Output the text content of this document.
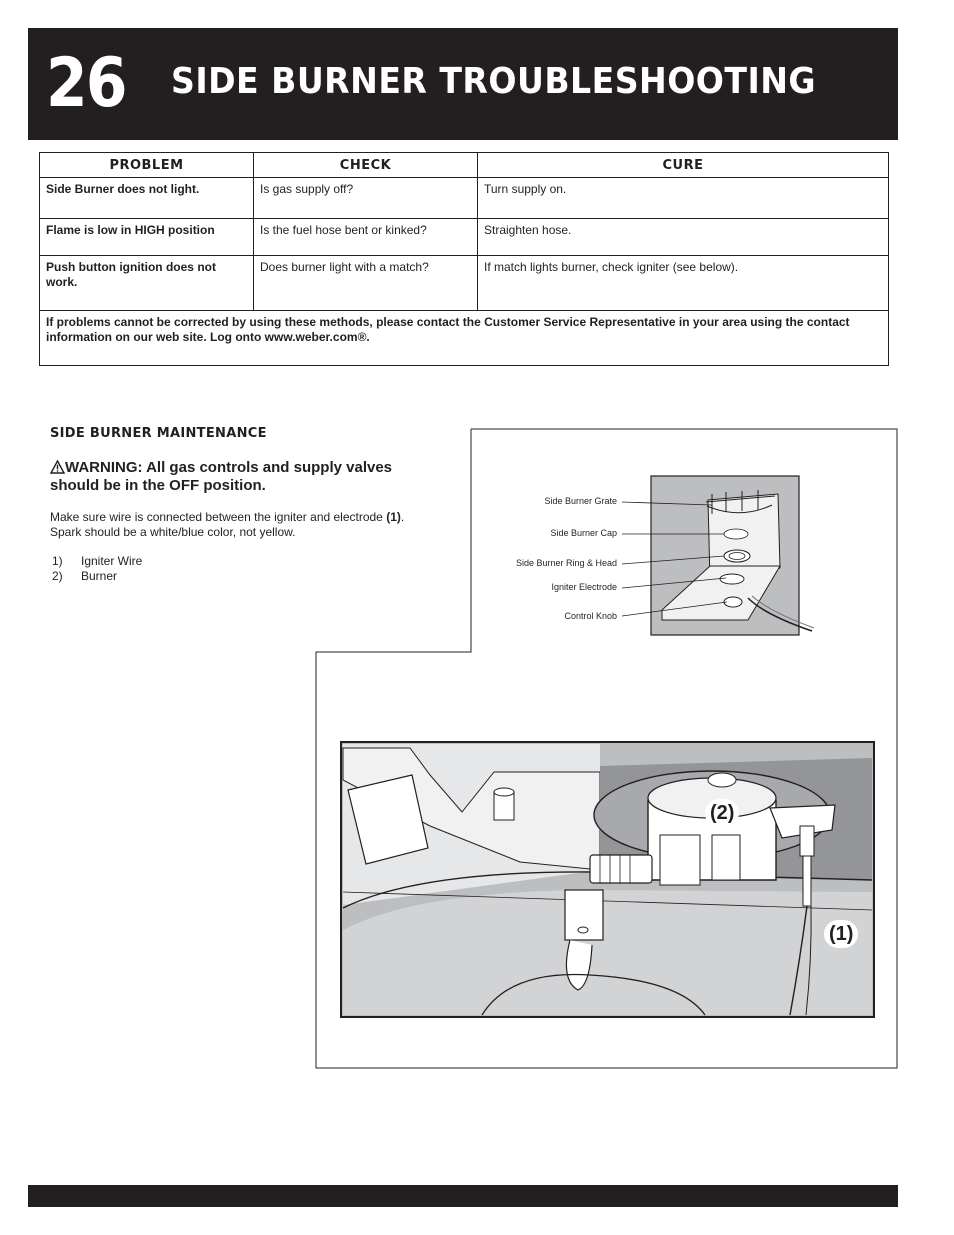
26 SIDE BURNER TROUBLESHOOTING
PROBLEM	CHECK	CURE
Side Burner does not light.	Is gas supply off?	Turn supply on.
Flame is low in HIGH position	Is the fuel hose bent or kinked?	Straighten hose.
Push button ignition does not work.	Does burner light with a match?	If match lights burner, check igniter (see below).
If problems cannot be corrected by using these methods, please contact the Customer Service Representative in your area using the contact information on our web site. Log onto www.weber.com®.		
SIDE BURNER MAINTENANCE
WARNING: All gas controls and supply valves should be in the OFF position.
Make sure wire is connected between the igniter and electrode (1). Spark should be a white/blue color, not yellow.
1)	Igniter Wire
2)	Burner
Side Burner Grate
Side Burner Cap
Side Burner Ring & Head
Igniter Electrode
Control Knob
(2)
(1)
